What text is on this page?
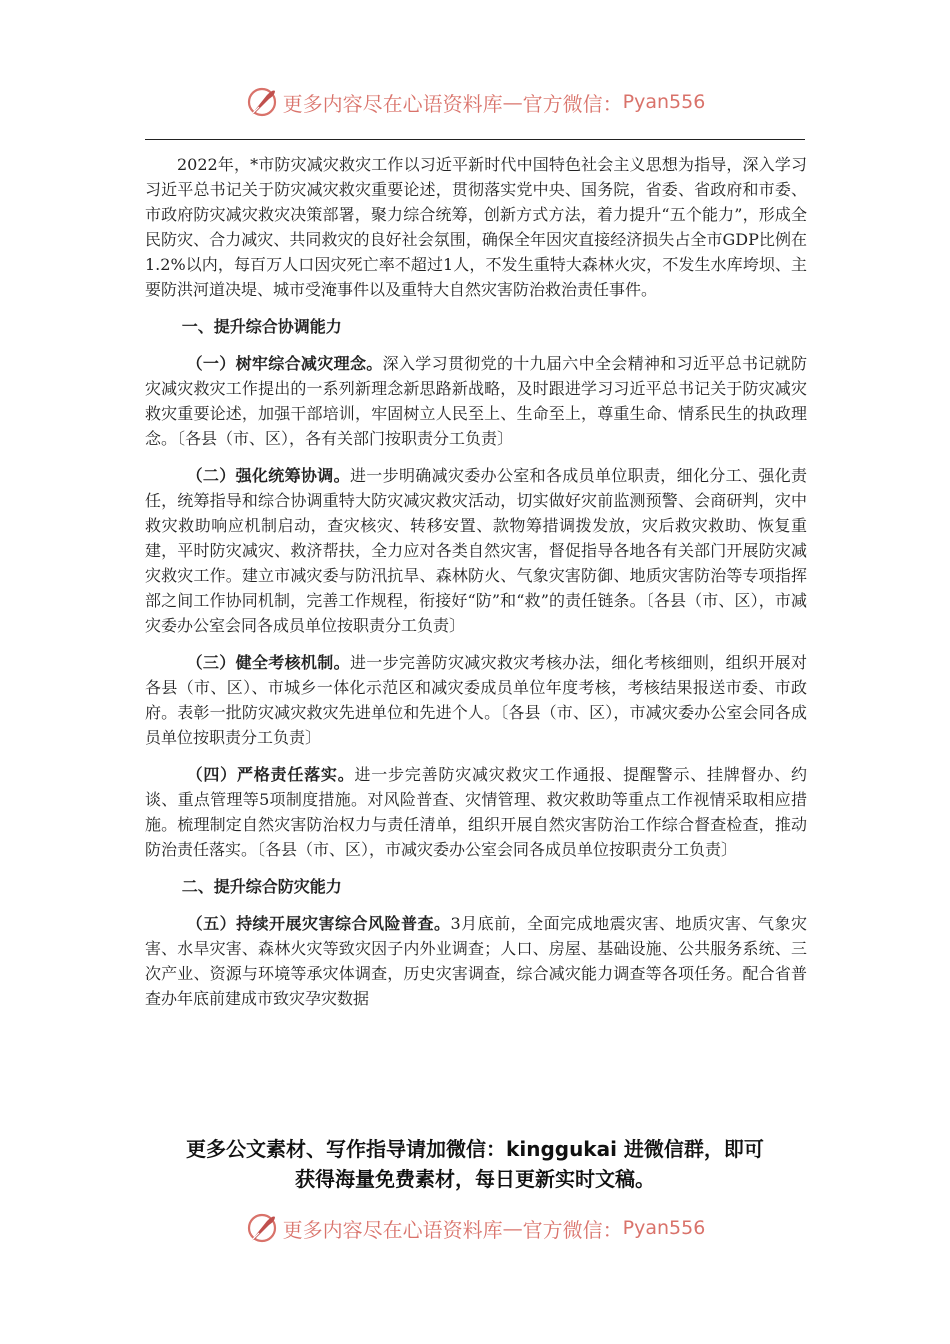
更多内容尽在心语资料库 — 官方微信： Pyan556

2022年，*市防灾减灾救灾工作以习近平新时代中国特色社会主义思想为指导，深入学习习近平总书记关于防灾减灾救灾重要论述，贯彻落实党中央、国务院，省委、省政府和市委、市政府防灾减灾救灾决策部署，聚力综合统筹，创新方式方法，着力提升“五个能力”，形成全民防灾、合力减灾、共同救灾的良好社会氛围，确保全年因灾直接经济损失占全市GDP比例在1.2%以内，每百万人口因灾死亡率不超过1人，不发生重特大森林火灾，不发生水库垮坝、主要防洪河道决堤、城市受淹事件以及重特大自然灾害防治救治责任事件。

一、提升综合协调能力

（一）树牢综合减灾理念。深入学习贯彻党的十九届六中全会精神和习近平总书记就防灾减灾救灾工作提出的一系列新理念新思路新战略，及时跟进学习习近平总书记关于防灾减灾救灾重要论述，加强干部培训，牢固树立人民至上、生命至上，尊重生命、情系民生的执政理念。〔各县（市、区），各有关部门按职责分工负责〕

（二）强化统筹协调。进一步明确减灾委办公室和各成员单位职责，细化分工、强化责任，统筹指导和综合协调重特大防灾减灾救灾活动，切实做好灾前监测预警、会商研判，灾中救灾救助响应机制启动，查灾核灾、转移安置、款物筹措调拨发放，灾后救灾救助、恢复重建，平时防灾减灾、救济帮扶，全力应对各类自然灾害，督促指导各地各有关部门开展防灾减灾救灾工作。建立市减灾委与防汛抗旱、森林防火、气象灾害防御、地质灾害防治等专项指挥部之间工作协同机制，完善工作规程，衔接好“防”和“救”的责任链条。〔各县（市、区），市减灾委办公室会同各成员单位按职责分工负责〕

（三）健全考核机制。进一步完善防灾减灾救灾考核办法，细化考核细则，组织开展对各县（市、区）、市城乡一体化示范区和减灾委成员单位年度考核，考核结果报送市委、市政府。表彰一批防灾减灾救灾先进单位和先进个人。〔各县（市、区），市减灾委办公室会同各成员单位按职责分工负责〕

（四）严格责任落实。进一步完善防灾减灾救灾工作通报、提醒警示、挂牌督办、约谈、重点管理等5项制度措施。对风险普查、灾情管理、救灾救助等重点工作视情采取相应措施。梳理制定自然灾害防治权力与责任清单，组织开展自然灾害防治工作综合督查检查，推动防治责任落实。〔各县（市、区），市减灾委办公室会同各成员单位按职责分工负责〕

二、提升综合防灾能力

（五）持续开展灾害综合风险普查。3月底前，全面完成地震灾害、地质灾害、气象灾害、水旱灾害、森林火灾等致灾因子内外业调查；人口、房屋、基础设施、公共服务系统、三次产业、资源与环境等承灾体调查，历史灾害调查，综合减灾能力调查等各项任务。配合省普查办年底前建成市致灾孕灾数据

更多公文素材、写作指导请加微信：kinggukai 进微信群，即可
获得海量免费素材，每日更新实时文稿。
更多内容尽在心语资料库 — 官方微信： Pyan556
